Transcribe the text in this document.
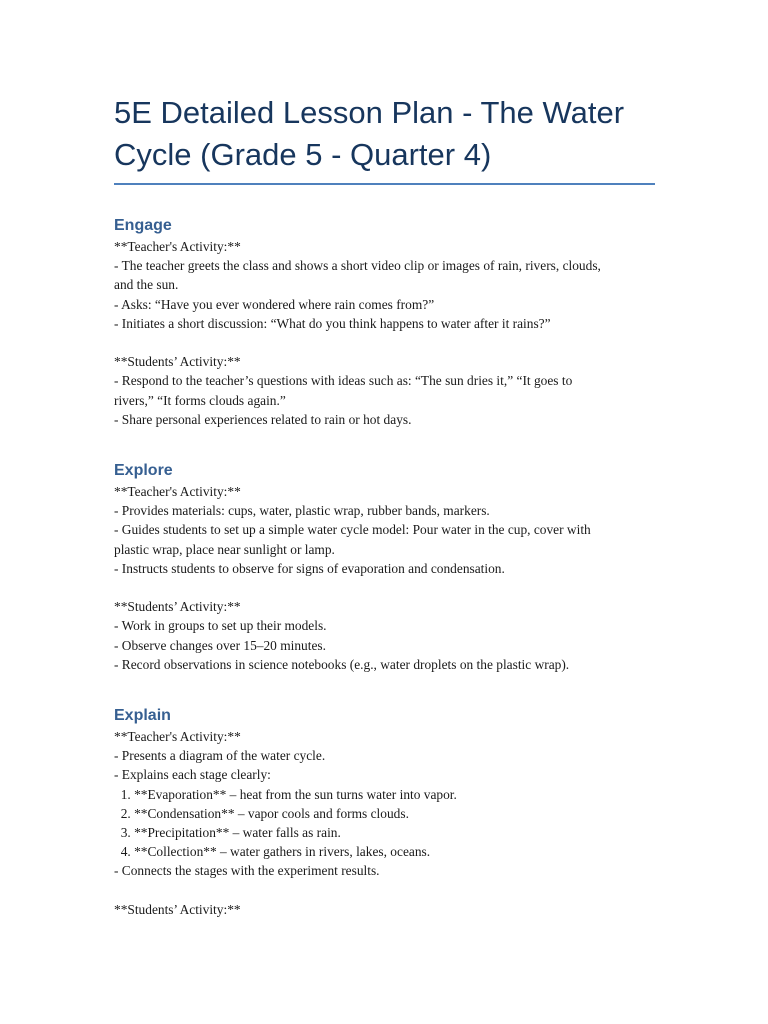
5E Detailed Lesson Plan - The Water
Cycle (Grade 5 - Quarter 4)
Engage
**Teacher's Activity:**
- The teacher greets the class and shows a short video clip or images of rain, rivers, clouds,
and the sun.
- Asks: “Have you ever wondered where rain comes from?”
- Initiates a short discussion: “What do you think happens to water after it rains?”
**Students’ Activity:**
- Respond to the teacher’s questions with ideas such as: “The sun dries it,” “It goes to
rivers,” “It forms clouds again.”
- Share personal experiences related to rain or hot days.
Explore
**Teacher's Activity:**
- Provides materials: cups, water, plastic wrap, rubber bands, markers.
- Guides students to set up a simple water cycle model: Pour water in the cup, cover with
plastic wrap, place near sunlight or lamp.
- Instructs students to observe for signs of evaporation and condensation.
**Students’ Activity:**
- Work in groups to set up their models.
- Observe changes over 15–20 minutes.
- Record observations in science notebooks (e.g., water droplets on the plastic wrap).
Explain
**Teacher's Activity:**
- Presents a diagram of the water cycle.
- Explains each stage clearly:
1. **Evaporation** – heat from the sun turns water into vapor.
2. **Condensation** – vapor cools and forms clouds.
3. **Precipitation** – water falls as rain.
4. **Collection** – water gathers in rivers, lakes, oceans.
- Connects the stages with the experiment results.
**Students’ Activity:**
